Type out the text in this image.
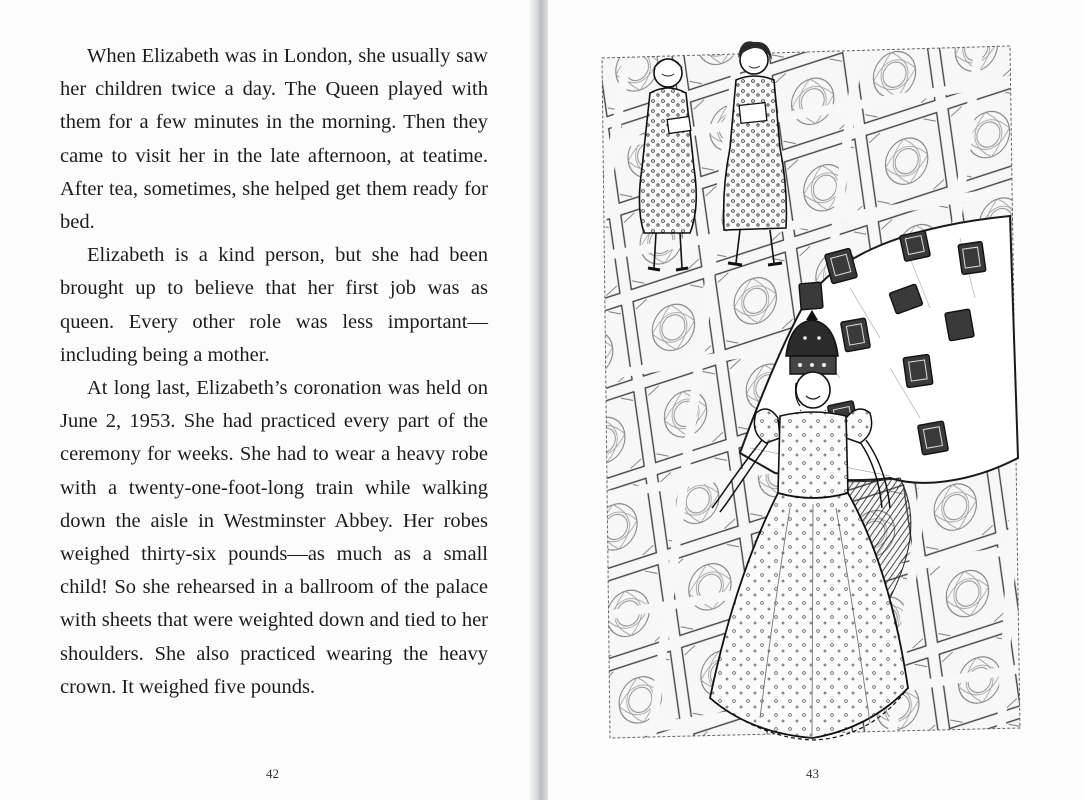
When Elizabeth was in London, she usually saw her children twice a day. The Queen played with them for a few minutes in the morning. Then they came to visit her in the late afternoon, at teatime. After tea, sometimes, she helped get them ready for bed.

Elizabeth is a kind person, but she had been brought up to believe that her first job was as queen. Every other role was less important—including being a mother.

At long last, Elizabeth’s coronation was held on June 2, 1953. She had practiced every part of the ceremony for weeks. She had to wear a heavy robe with a twenty-one-foot-long train while walking down the aisle in Westminster Abbey. Her robes weighed thirty-six pounds—as much as a small child! So she rehearsed in a ballroom of the palace with sheets that were weighted down and tied to her shoulders. She also practiced wearing the heavy crown. It weighed five pounds.

42	43
